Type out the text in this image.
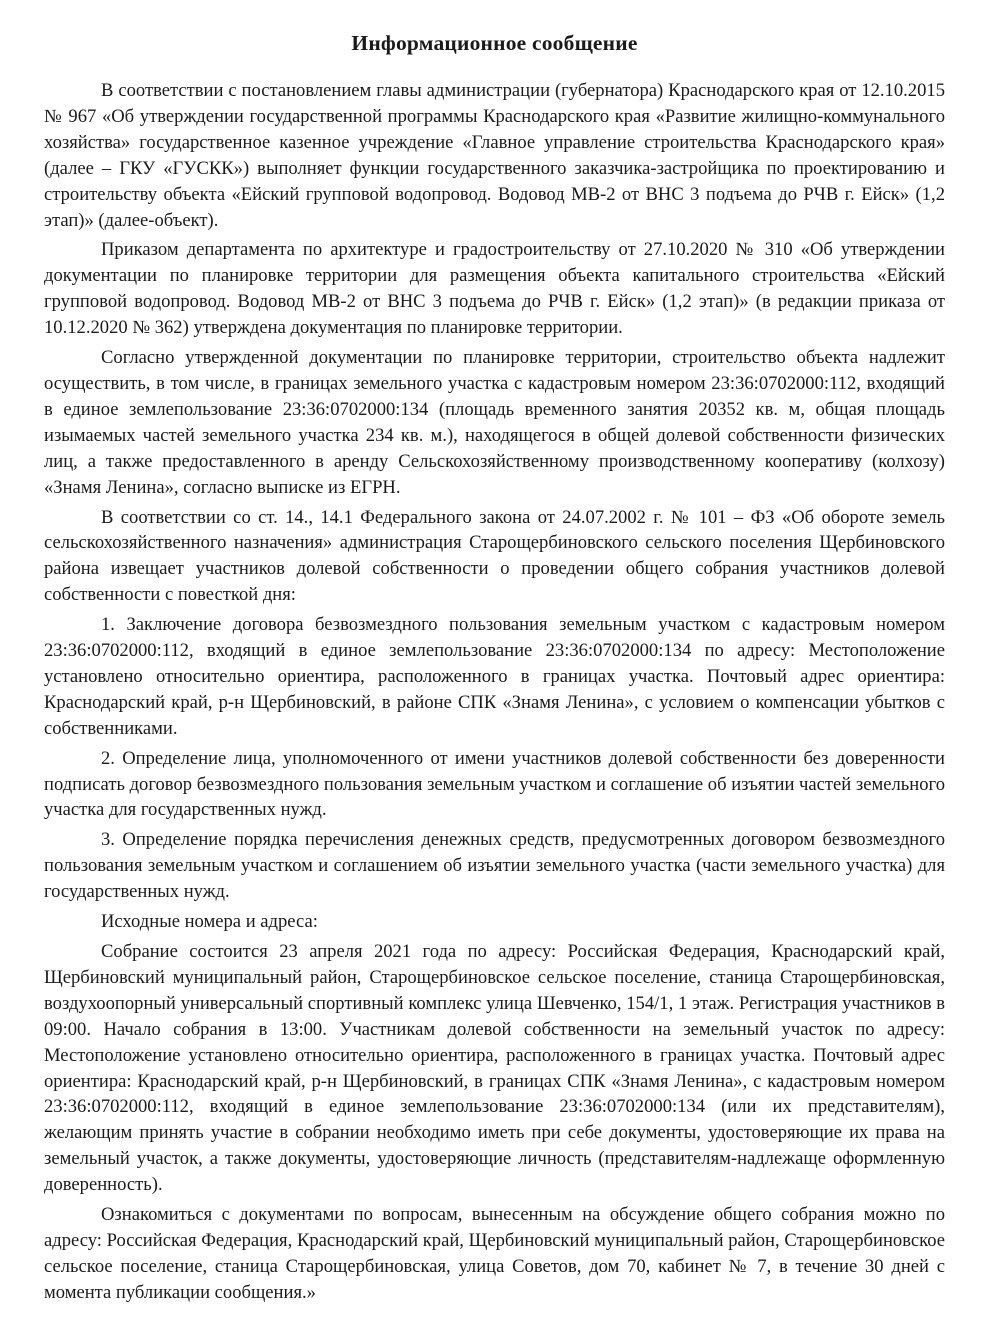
Информационное сообщение

В соответствии с постановлением главы администрации (губернатора) Краснодарского края от 12.10.2015 № 967 «Об утверждении государственной программы Краснодарского края «Развитие жилищно-коммунального хозяйства» государственное казенное учреждение «Главное управление строительства Краснодарского края» (далее – ГКУ «ГУСКК») выполняет функции государственного заказчика-застройщика по проектированию и строительству объекта «Ейский групповой водопровод. Водовод МВ-2 от ВНС 3 подъема до РЧВ г. Ейск» (1,2 этап)» (далее-объект).

Приказом департамента по архитектуре и градостроительству от 27.10.2020 № 310 «Об утверждении документации по планировке территории для размещения объекта капитального строительства «Ейский групповой водопровод. Водовод МВ-2 от ВНС 3 подъема до РЧВ г. Ейск» (1,2 этап)» (в редакции приказа от 10.12.2020 № 362) утверждена документация по планировке территории.

Согласно утвержденной документации по планировке территории, строительство объекта надлежит осуществить, в том числе, в границах земельного участка с кадастровым номером 23:36:0702000:112, входящий в единое землепользование 23:36:0702000:134 (площадь временного занятия 20352 кв. м, общая площадь изымаемых частей земельного участка 234 кв. м.), находящегося в общей долевой собственности физических лиц, а также предоставленного в аренду Сельскохозяйственному производственному кооперативу (колхозу) «Знамя Ленина», согласно выписке из ЕГРН.

В соответствии со ст. 14., 14.1 Федерального закона от 24.07.2002 г. № 101 – ФЗ «Об обороте земель сельскохозяйственного назначения» администрация Старощербиновского сельского поселения Щербиновского района извещает участников долевой собственности о проведении общего собрания участников долевой собственности с повесткой дня:

1. Заключение договора безвозмездного пользования земельным участком с кадастровым номером 23:36:0702000:112, входящий в единое землепользование 23:36:0702000:134 по адресу: Местоположение установлено относительно ориентира, расположенного в границах участка. Почтовый адрес ориентира: Краснодарский край, р-н Щербиновский, в районе СПК «Знамя Ленина», с условием о компенсации убытков с собственниками.

2. Определение лица, уполномоченного от имени участников долевой собственности без доверенности подписать договор безвозмездного пользования земельным участком и соглашение об изъятии частей земельного участка для государственных нужд.

3. Определение порядка перечисления денежных средств, предусмотренных договором безвозмездного пользования земельным участком и соглашением об изъятии земельного участка (части земельного участка) для государственных нужд.

Исходные номера и адреса:

Собрание состоится 23 апреля 2021 года по адресу: Российская Федерация, Краснодарский край, Щербиновский муниципальный район, Старощербиновское сельское поселение, станица Старощербиновская, воздухоопорный универсальный спортивный комплекс улица Шевченко, 154/1, 1 этаж. Регистрация участников в 09:00. Начало собрания в 13:00. Участникам долевой собственности на земельный участок по адресу: Местоположение установлено относительно ориентира, расположенного в границах участка. Почтовый адрес ориентира: Краснодарский край, р-н Щербиновский, в границах СПК «Знамя Ленина», с кадастровым номером 23:36:0702000:112, входящий в единое землепользование 23:36:0702000:134 (или их представителям), желающим принять участие в собрании необходимо иметь при себе документы, удостоверяющие их права на земельный участок, а также документы, удостоверяющие личность (представителям-надлежаще оформленную доверенность).

Ознакомиться с документами по вопросам, вынесенным на обсуждение общего собрания можно по адресу: Российская Федерация, Краснодарский край, Щербиновский муниципальный район, Старощербиновское сельское поселение, станица Старощербиновская, улица Советов, дом 70, кабинет № 7, в течение 30 дней с момента публикации сообщения.»
